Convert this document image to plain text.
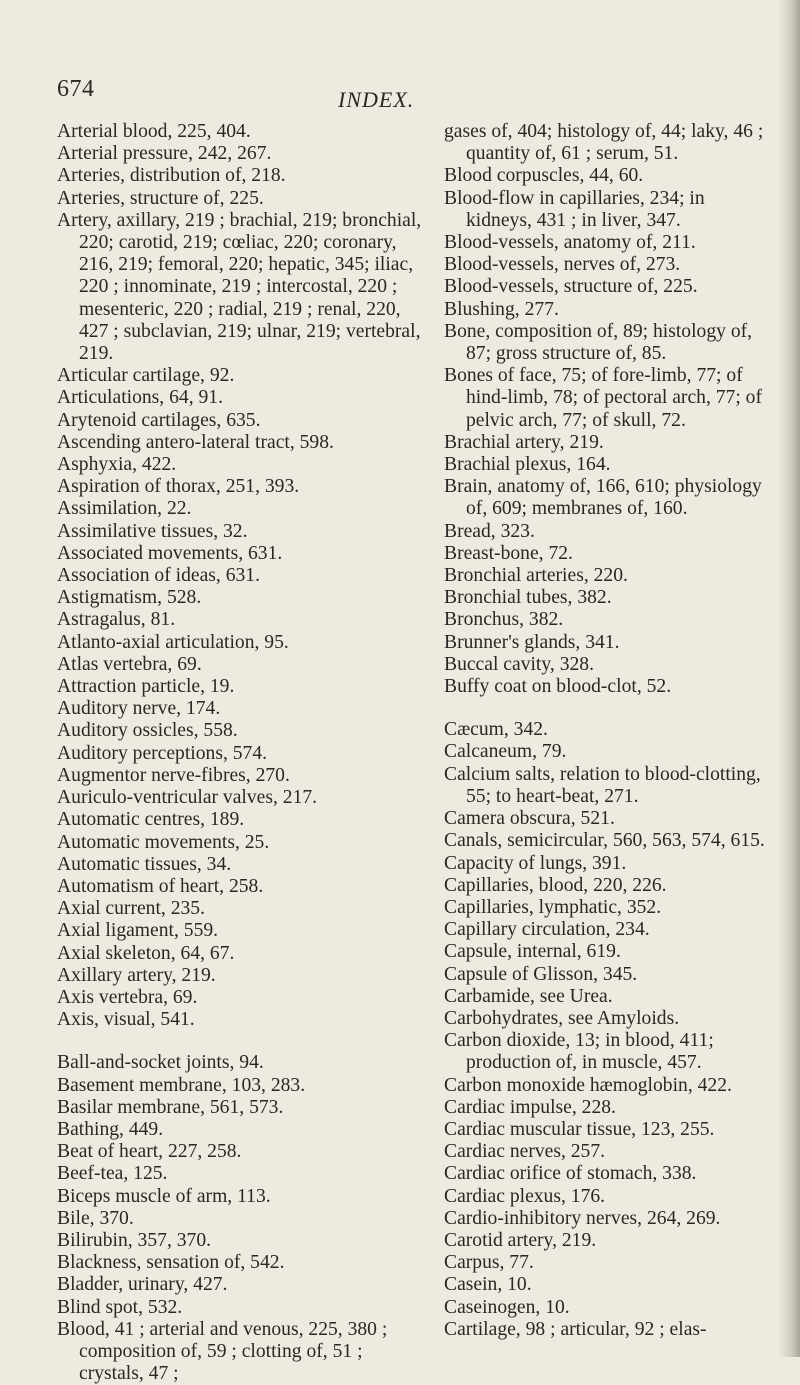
674	INDEX.
Arterial blood, 225, 404.
Arterial pressure, 242, 267.
Arteries, distribution of, 218.
Arteries, structure of, 225.
Artery, axillary, 219 ; brachial, 219; bronchial, 220; carotid, 219; cœliac, 220; coronary, 216, 219; femoral, 220; hepatic, 345; iliac, 220 ; innominate, 219 ; intercostal, 220 ; mesenteric, 220 ; radial, 219 ; renal, 220, 427 ; subclavian, 219; ulnar, 219; vertebral, 219.
Articular cartilage, 92.
Articulations, 64, 91.
Arytenoid cartilages, 635.
Ascending antero-lateral tract, 598.
Asphyxia, 422.
Aspiration of thorax, 251, 393.
Assimilation, 22.
Assimilative tissues, 32.
Associated movements, 631.
Association of ideas, 631.
Astigmatism, 528.
Astragalus, 81.
Atlanto-axial articulation, 95.
Atlas vertebra, 69.
Attraction particle, 19.
Auditory nerve, 174.
Auditory ossicles, 558.
Auditory perceptions, 574.
Augmentor nerve-fibres, 270.
Auriculo-ventricular valves, 217.
Automatic centres, 189.
Automatic movements, 25.
Automatic tissues, 34.
Automatism of heart, 258.
Axial current, 235.
Axial ligament, 559.
Axial skeleton, 64, 67.
Axillary artery, 219.
Axis vertebra, 69.
Axis, visual, 541.
Ball-and-socket joints, 94.
Basement membrane, 103, 283.
Basilar membrane, 561, 573.
Bathing, 449.
Beat of heart, 227, 258.
Beef-tea, 125.
Biceps muscle of arm, 113.
Bile, 370.
Bilirubin, 357, 370.
Blackness, sensation of, 542.
Bladder, urinary, 427.
Blind spot, 532.
Blood, 41 ; arterial and venous, 225, 380 ; composition of, 59 ; clotting of, 51 ; crystals, 47 ;
gases of, 404; histology of, 44; laky, 46 ; quantity of, 61 ; serum, 51.
Blood corpuscles, 44, 60.
Blood-flow in capillaries, 234; in kidneys, 431 ; in liver, 347.
Blood-vessels, anatomy of, 211.
Blood-vessels, nerves of, 273.
Blood-vessels, structure of, 225.
Blushing, 277.
Bone, composition of, 89; histology of, 87; gross structure of, 85.
Bones of face, 75; of fore-limb, 77; of hind-limb, 78; of pectoral arch, 77; of pelvic arch, 77; of skull, 72.
Brachial artery, 219.
Brachial plexus, 164.
Brain, anatomy of, 166, 610; physiology of, 609; membranes of, 160.
Bread, 323.
Breast-bone, 72.
Bronchial arteries, 220.
Bronchial tubes, 382.
Bronchus, 382.
Brunner's glands, 341.
Buccal cavity, 328.
Buffy coat on blood-clot, 52.
Cæcum, 342.
Calcaneum, 79.
Calcium salts, relation to blood-clotting, 55; to heart-beat, 271.
Camera obscura, 521.
Canals, semicircular, 560, 563, 574, 615.
Capacity of lungs, 391.
Capillaries, blood, 220, 226.
Capillaries, lymphatic, 352.
Capillary circulation, 234.
Capsule, internal, 619.
Capsule of Glisson, 345.
Carbamide, see Urea.
Carbohydrates, see Amyloids.
Carbon dioxide, 13; in blood, 411; production of, in muscle, 457.
Carbon monoxide hæmoglobin, 422.
Cardiac impulse, 228.
Cardiac muscular tissue, 123, 255.
Cardiac nerves, 257.
Cardiac orifice of stomach, 338.
Cardiac plexus, 176.
Cardio-inhibitory nerves, 264, 269.
Carotid artery, 219.
Carpus, 77.
Casein, 10.
Caseinogen, 10.
Cartilage, 98 ; articular, 92 ; elas-
